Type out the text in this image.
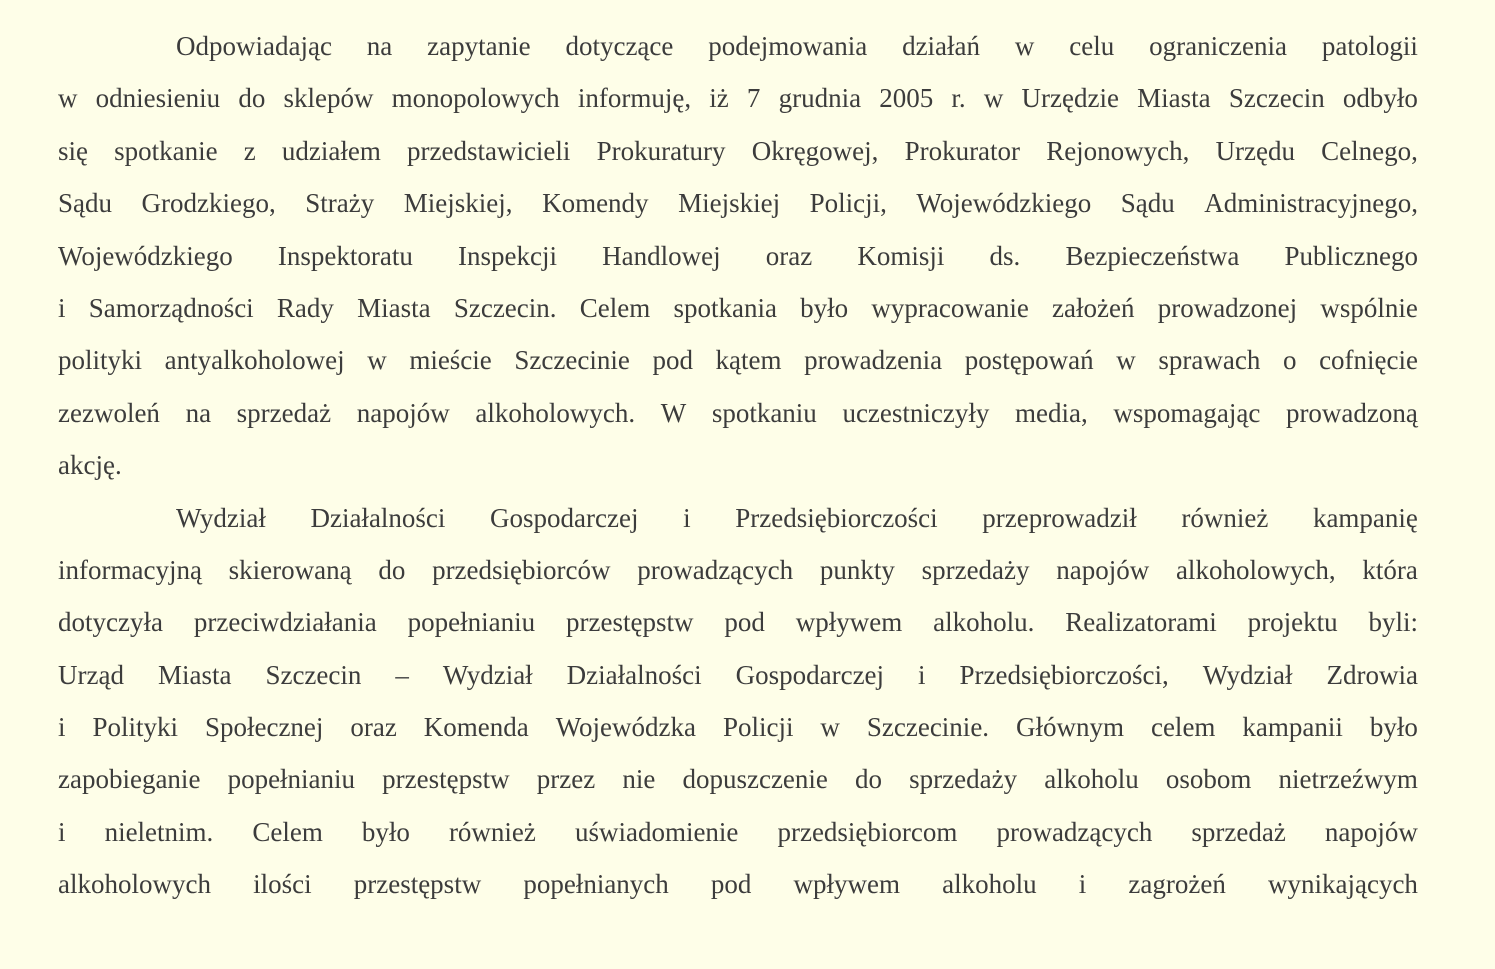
Odpowiadając na zapytanie dotyczące podejmowania działań w celu ograniczenia patologii
w odniesieniu do sklepów monopolowych informuję, iż 7 grudnia 2005 r. w Urzędzie Miasta Szczecin odbyło
się spotkanie z udziałem przedstawicieli Prokuratury Okręgowej, Prokurator Rejonowych, Urzędu Celnego,
Sądu Grodzkiego, Straży Miejskiej, Komendy Miejskiej Policji, Wojewódzkiego Sądu Administracyjnego,
Wojewódzkiego Inspektoratu Inspekcji Handlowej oraz Komisji ds. Bezpieczeństwa Publicznego
i Samorządności Rady Miasta Szczecin. Celem spotkania było wypracowanie założeń prowadzonej wspólnie
polityki antyalkoholowej w mieście Szczecinie pod kątem prowadzenia postępowań w sprawach o cofnięcie
zezwoleń na sprzedaż napojów alkoholowych. W spotkaniu uczestniczyły media, wspomagając prowadzoną
akcję.
Wydział Działalności Gospodarczej i Przedsiębiorczości przeprowadził również kampanię
informacyjną skierowaną do przedsiębiorców prowadzących punkty sprzedaży napojów alkoholowych, która
dotyczyła przeciwdziałania popełnianiu przestępstw pod wpływem alkoholu. Realizatorami projektu byli:
Urząd Miasta Szczecin – Wydział Działalności Gospodarczej i Przedsiębiorczości, Wydział Zdrowia
i Polityki Społecznej oraz Komenda Wojewódzka Policji w Szczecinie. Głównym celem kampanii było
zapobieganie popełnianiu przestępstw przez nie dopuszczenie do sprzedaży alkoholu osobom nietrzeźwym
i nieletnim. Celem było również uświadomienie przedsiębiorcom prowadzących sprzedaż napojów
alkoholowych ilości przestępstw popełnianych pod wpływem alkoholu i zagrożeń wynikających
